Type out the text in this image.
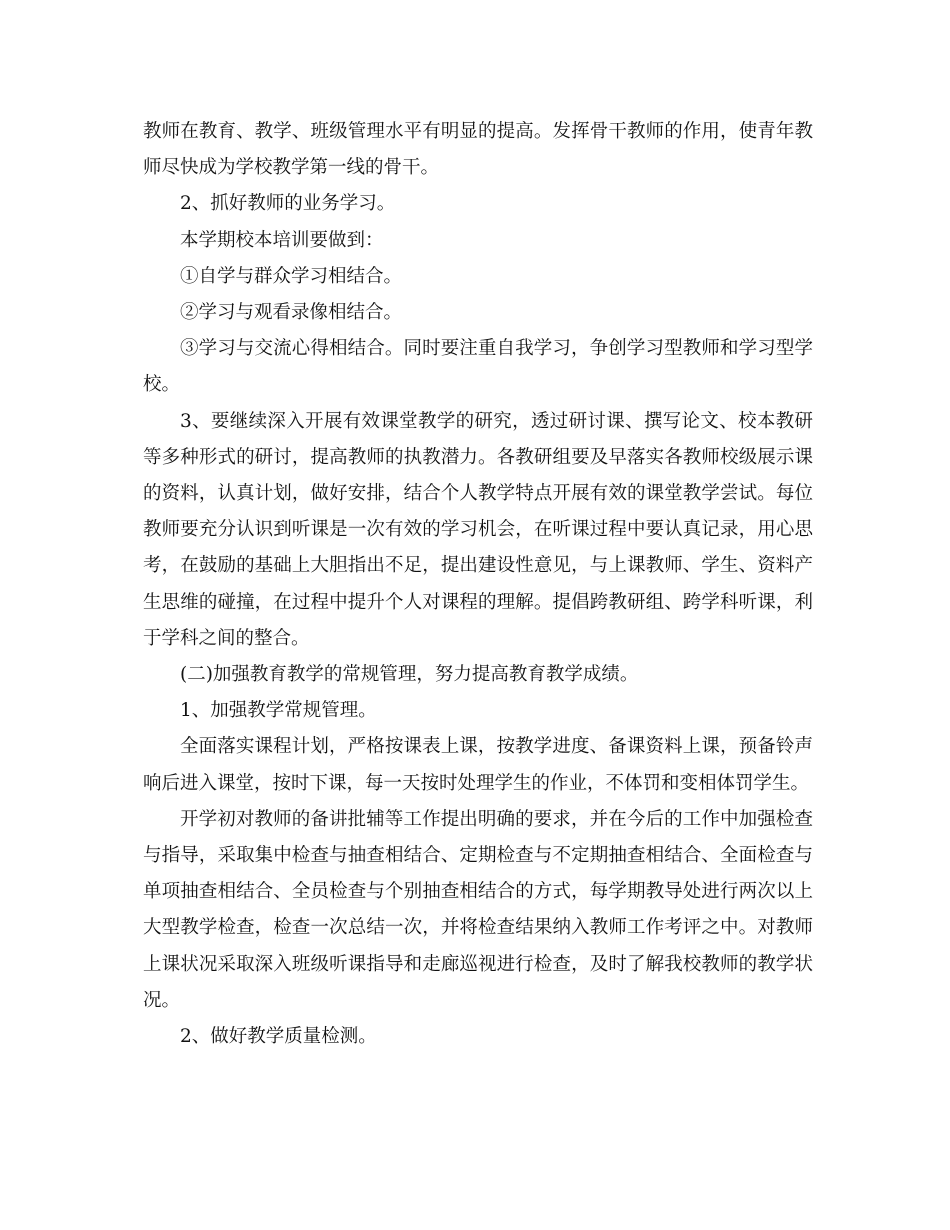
教师在教育、教学、班级管理水平有明显的提高。发挥骨干教师的作用，使青年教师尽快成为学校教学第一线的骨干。

2、抓好教师的业务学习。

本学期校本培训要做到：

①自学与群众学习相结合。

②学习与观看录像相结合。

③学习与交流心得相结合。同时要注重自我学习，争创学习型教师和学习型学校。

3、要继续深入开展有效课堂教学的研究，透过研讨课、撰写论文、校本教研等多种形式的研讨，提高教师的执教潜力。各教研组要及早落实各教师校级展示课的资料，认真计划，做好安排，结合个人教学特点开展有效的课堂教学尝试。每位教师要充分认识到听课是一次有效的学习机会，在听课过程中要认真记录，用心思考，在鼓励的基础上大胆指出不足，提出建设性意见，与上课教师、学生、资料产生思维的碰撞，在过程中提升个人对课程的理解。提倡跨教研组、跨学科听课，利于学科之间的整合。

(二)加强教育教学的常规管理，努力提高教育教学成绩。

1、加强教学常规管理。

全面落实课程计划，严格按课表上课，按教学进度、备课资料上课，预备铃声响后进入课堂，按时下课，每一天按时处理学生的作业，不体罚和变相体罚学生。

开学初对教师的备讲批辅等工作提出明确的要求，并在今后的工作中加强检查与指导，采取集中检查与抽查相结合、定期检查与不定期抽查相结合、全面检查与单项抽查相结合、全员检查与个别抽查相结合的方式，每学期教导处进行两次以上大型教学检查，检查一次总结一次，并将检查结果纳入教师工作考评之中。对教师上课状况采取深入班级听课指导和走廊巡视进行检查，及时了解我校教师的教学状况。

2、做好教学质量检测。
